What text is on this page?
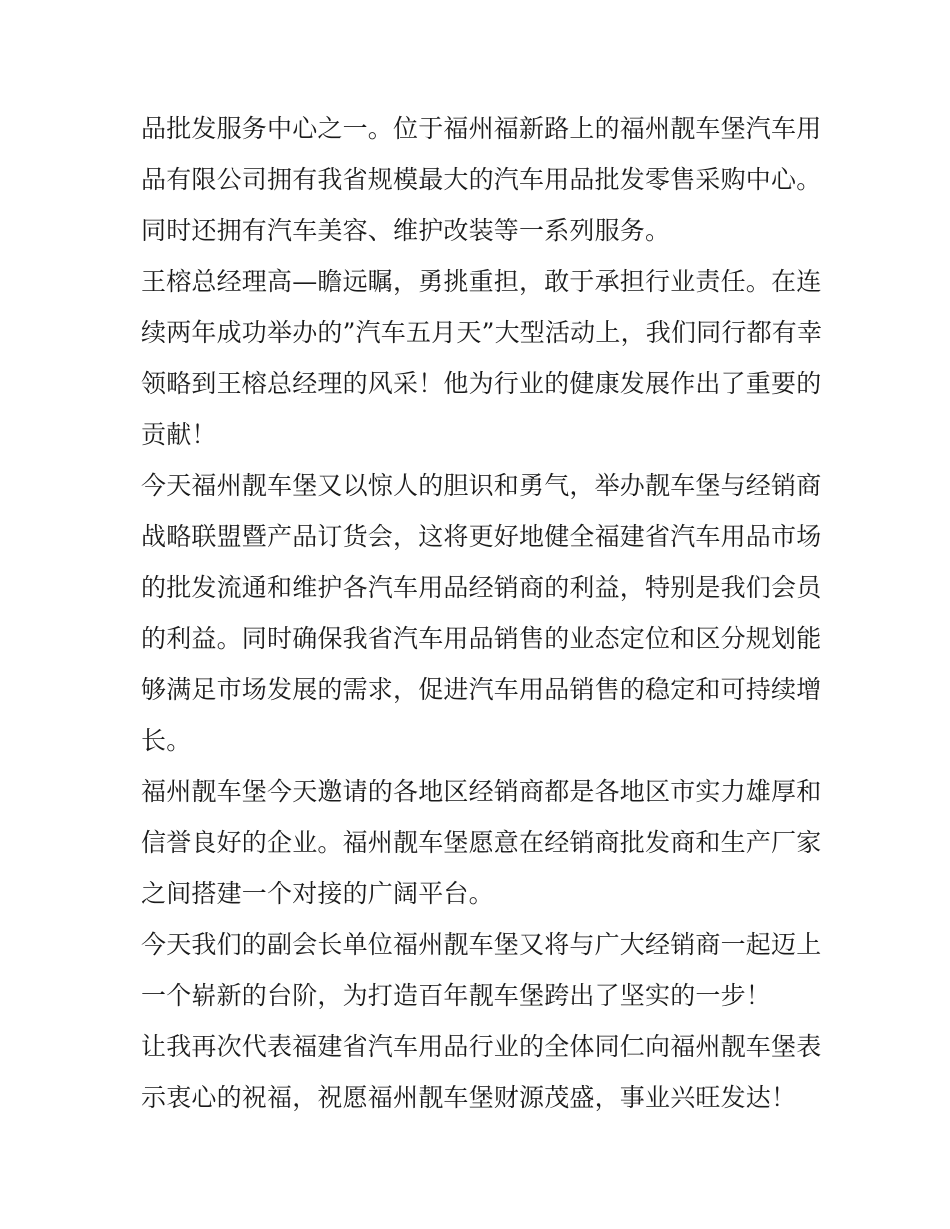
品批发服务中心之一。位于福州福新路上的福州靓车堡汽车用
品有限公司拥有我省规模最大的汽车用品批发零售采购中心。
同时还拥有汽车美容、维护改装等一系列服务。
王榕总经理高—瞻远瞩，勇挑重担，敢于承担行业责任。在连
续两年成功举办的”汽车五月天”大型活动上，我们同行都有幸
领略到王榕总经理的风采！他为行业的健康发展作出了重要的
贡献！
今天福州靓车堡又以惊人的胆识和勇气，举办靓车堡与经销商
战略联盟暨产品订货会，这将更好地健全福建省汽车用品市场
的批发流通和维护各汽车用品经销商的利益，特别是我们会员
的利益。同时确保我省汽车用品销售的业态定位和区分规划能
够满足市场发展的需求，促进汽车用品销售的稳定和可持续增
长。
福州靓车堡今天邀请的各地区经销商都是各地区市实力雄厚和
信誉良好的企业。福州靓车堡愿意在经销商批发商和生产厂家
之间搭建一个对接的广阔平台。
今天我们的副会长单位福州靓车堡又将与广大经销商一起迈上
一个崭新的台阶，为打造百年靓车堡跨出了坚实的一步！
让我再次代表福建省汽车用品行业的全体同仁向福州靓车堡表
示衷心的祝福，祝愿福州靓车堡财源茂盛，事业兴旺发达！
